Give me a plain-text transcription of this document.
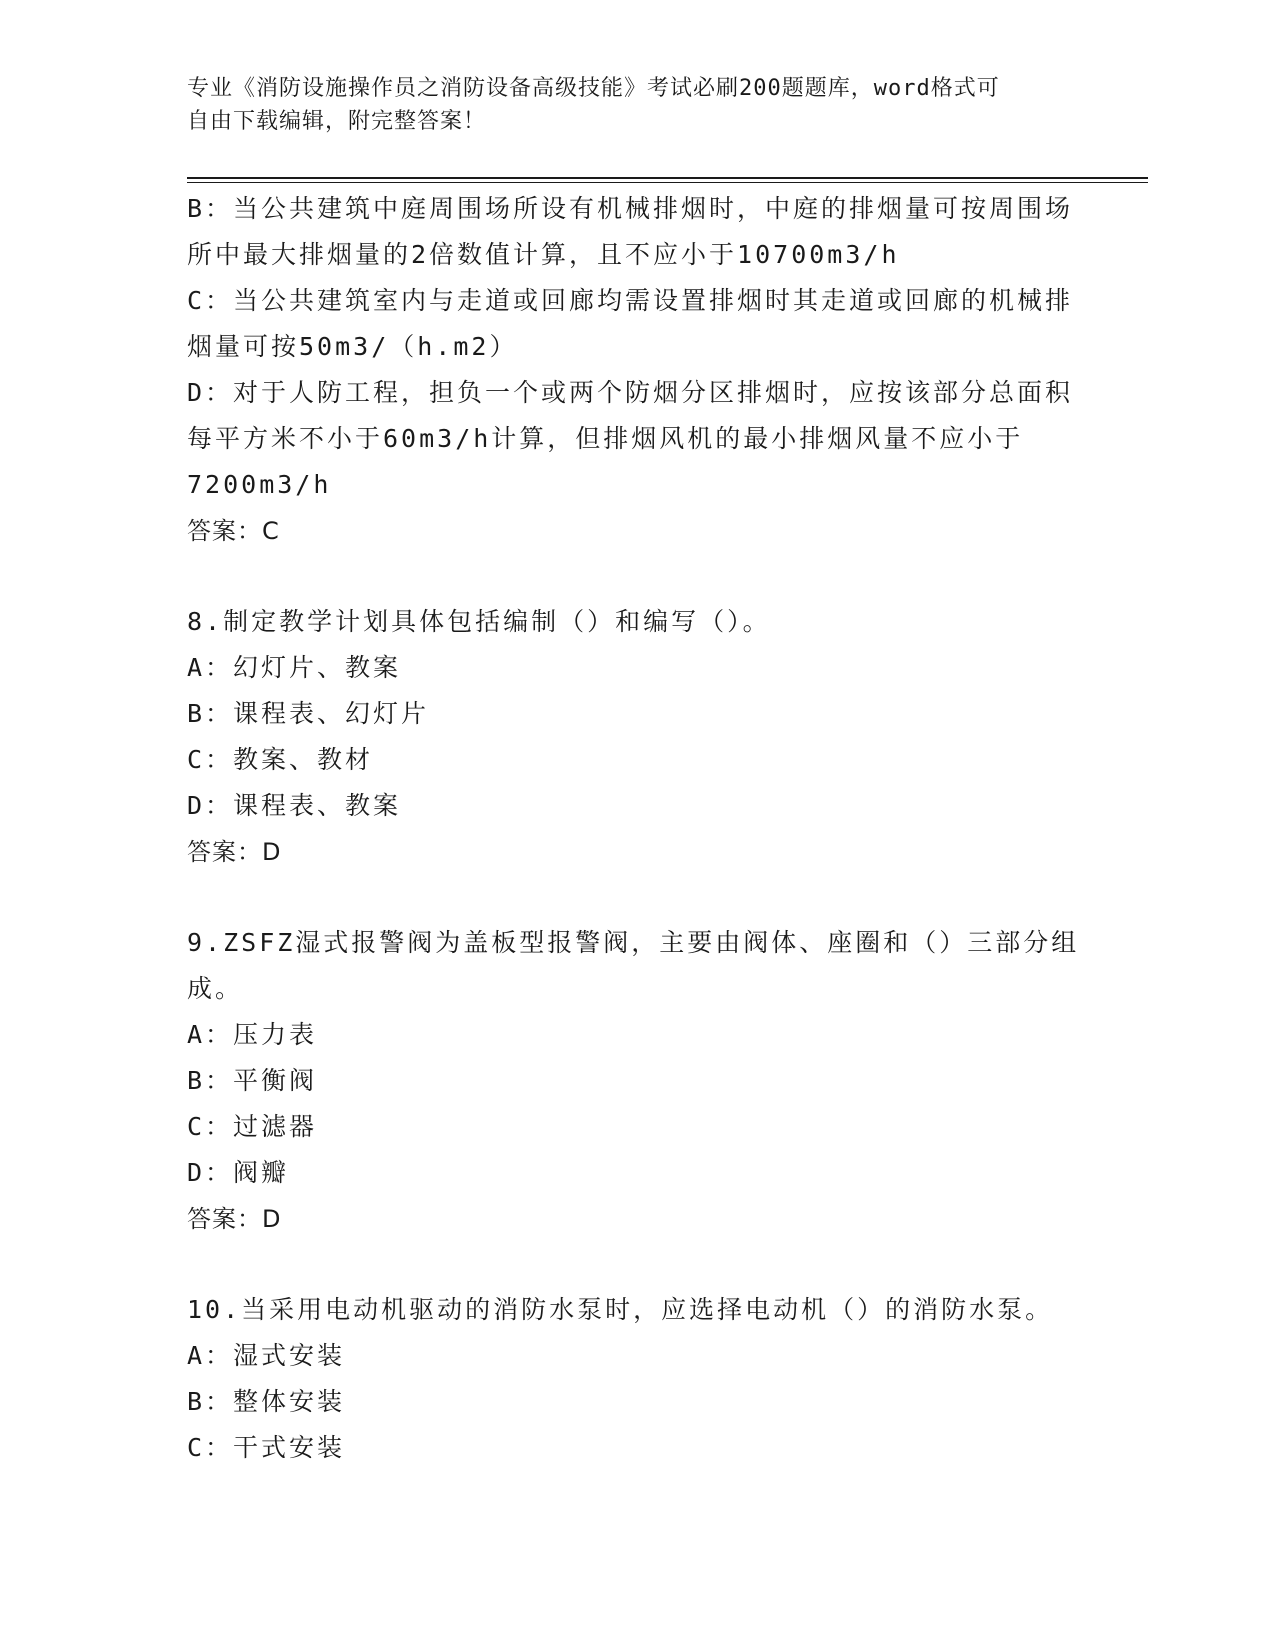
专业《消防设施操作员之消防设备高级技能》考试必刷200题题库，word格式可
自由下载编辑，附完整答案！
B：当公共建筑中庭周围场所设有机械排烟时，中庭的排烟量可按周围场所中最大排烟量的2倍数值计算，且不应小于10700m3/h
C：当公共建筑室内与走道或回廊均需设置排烟时其走道或回廊的机械排烟量可按50m3/（h.m2）
D：对于人防工程，担负一个或两个防烟分区排烟时，应按该部分总面积每平方米不小于60m3/h计算，但排烟风机的最小排烟风量不应小于7200m3/h
答案：C
8.制定教学计划具体包括编制（）和编写（）。
A：幻灯片、教案
B：课程表、幻灯片
C：教案、教材
D：课程表、教案
答案：D
9.ZSFZ湿式报警阀为盖板型报警阀，主要由阀体、座圈和（）三部分组成。
A：压力表
B：平衡阀
C：过滤器
D：阀瓣
答案：D
10.当采用电动机驱动的消防水泵时，应选择电动机（）的消防水泵。
A：湿式安装
B：整体安装
C：干式安装
